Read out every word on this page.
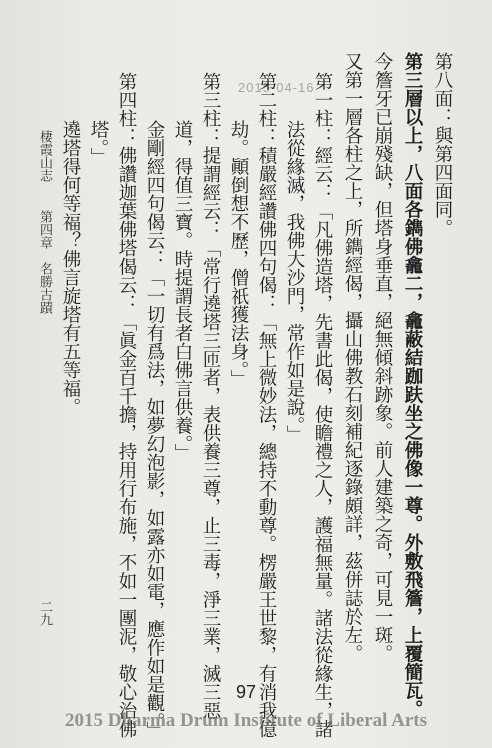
2015-04-16	第八面：與第四面同。
第三層以上，八面各鐫佛龕二，龕蔽結跏趺坐之佛像一尊。外敷飛簷，上覆簡瓦。
今簷牙已崩殘缺，但塔身垂直，絕無傾斜跡象。前人建築之奇，可見一斑。
又第一層各柱之上，所鐫經偈，攝山佛教石刻補紀逐錄頗詳，茲併誌於左。
第一柱：經云：「凡佛造塔，先書此偈，使瞻禮之人，護福無量。諸法從緣生，諸
法從緣滅，我佛大沙門，常作如是說。」
第二柱：積嚴經讚佛四句偈：「無上微妙法，總持不動尊。楞嚴王世黎，有消我億
劫。顚倒想不歷，僧祇獲法身。」
第三柱：提謂經云：「常行遶塔三匝者，表供養三尊，止三毒，淨三業，滅三惡
道，得值三寶。時提謂長者白佛言供養。」
金剛經四句偈云：「一切有爲法，如夢幻泡影，如露亦如電，應作如是觀。」
第四柱：佛讚迦葉佛塔偈云：「眞金百千擔，持用行布施，不如一團泥，敬心治佛
塔。」
遶塔得何等福？佛言旋塔有五等福。
棲霞山志
第四章
名勝古蹟
二九
97
2015 Dharma Drum Institute of Liberal Arts
